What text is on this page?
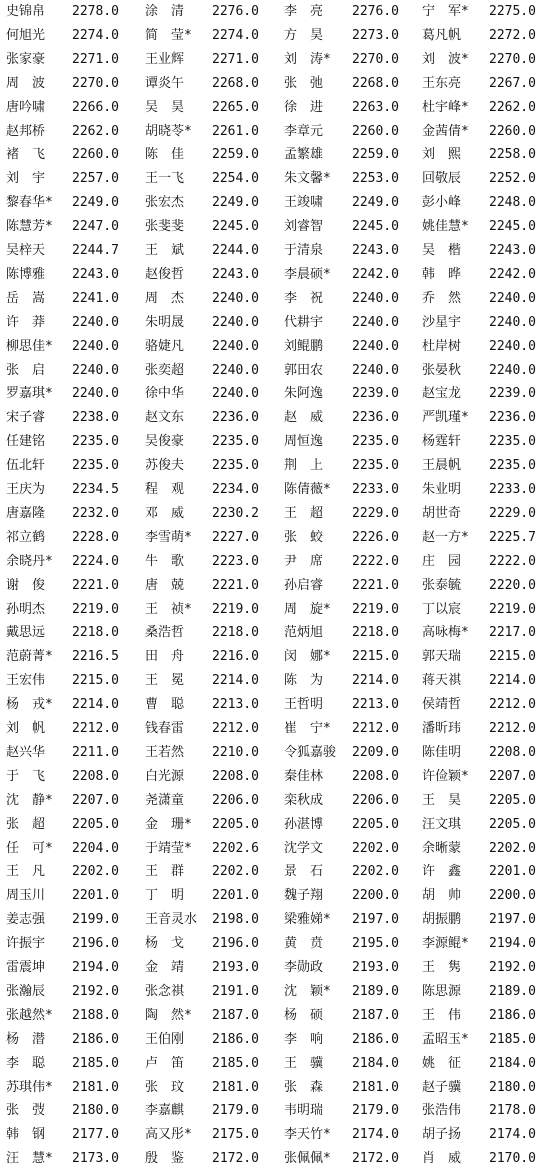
史锦帛 2278.0 涂　清 2276.0 李　亮 2276.0 宁　军* 2275.0
何旭光 2274.0 简　莹* 2274.0 方　昊 2273.0 葛凡帆 2272.0
张家豪 2271.0 王业辉 2271.0 刘　涛* 2270.0 刘　波* 2270.0
周　波 2270.0 谭炎午 2268.0 张　弛 2268.0 王东亮 2267.0
唐吟啸 2266.0 吴　昊 2265.0 徐　进 2263.0 杜宇峰* 2262.0
赵邦桥 2262.0 胡晓苓* 2261.0 李章元 2260.0 金茜倩* 2260.0
褚　飞 2260.0 陈　佳 2259.0 孟繁雄 2259.0 刘　熙 2258.0
刘　宇 2257.0 王一飞 2254.0 朱文馨* 2253.0 回敬辰 2252.0
黎春华* 2249.0 张宏杰 2249.0 王竣啸 2249.0 彭小峰 2248.0
陈慧芳* 2247.0 张斐斐 2245.0 刘睿智 2245.0 姚佳慧* 2245.0
吴梓天 2244.7 王　斌 2244.0 于清泉 2243.0 吴　楷 2243.0
陈博雅 2243.0 赵俊哲 2243.0 李晨硕* 2242.0 韩　晔 2242.0
岳　嵩 2241.0 周　杰 2240.0 李　祝 2240.0 乔　然 2240.0
许　莽 2240.0 朱明晟 2240.0 代耕宇 2240.0 沙星宇 2240.0
柳思佳* 2240.0 骆婕凡 2240.0 刘鲲鹏 2240.0 杜岸树 2240.0
张　启 2240.0 张奕超 2240.0 郭田农 2240.0 张晏秋 2240.0
罗嘉琪* 2240.0 徐中华 2240.0 朱阿逸 2239.0 赵宝龙 2239.0
宋子睿 2238.0 赵文东 2236.0 赵　威 2236.0 严凯瑾* 2236.0
任建铭 2235.0 吴俊豪 2235.0 周恒逸 2235.0 杨霆轩 2235.0
伍北轩 2235.0 苏俊夫 2235.0 荆　上 2235.0 王晨帆 2235.0
王庆为 2234.5 程　观 2234.0 陈倩薇* 2233.0 朱业明 2233.0
唐嘉隆 2232.0 邓　威 2230.2 王　超 2229.0 胡世奇 2229.0
祁立鹤 2228.0 李雪萌* 2227.0 张　蛟 2226.0 赵一方* 2225.7
余晓丹* 2224.0 牛　歌 2223.0 尹　席 2222.0 庄　园 2222.0
谢　俊 2221.0 唐　兢 2221.0 孙启睿 2221.0 张泰毓 2220.0
孙明杰 2219.0 王　祯* 2219.0 周　旋* 2219.0 丁以宸 2219.0
戴思远 2218.0 桑浩哲 2218.0 范炳旭 2218.0 高咏梅* 2217.0
范蔚菁* 2216.5 田　舟 2216.0 闵　娜* 2215.0 郭天瑞 2215.0
王宏伟 2215.0 王　冕 2214.0 陈　为 2214.0 蒋天祺 2214.0
杨　戎* 2214.0 曹　聪 2213.0 王哲明 2213.0 侯靖哲 2212.0
刘　帆 2212.0 钱春雷 2212.0 崔　宁* 2212.0 潘昕玮 2212.0
赵兴华 2211.0 王若然 2210.0 令狐嘉骏 2209.0 陈佳明 2208.0
于　飞 2208.0 白光源 2208.0 秦佳林 2208.0 许俭颖* 2207.0
沈　静* 2207.0 尧潇童 2206.0 栾秋成 2206.0 王　昊 2205.0
张　超 2205.0 金　珊* 2205.0 孙湛博 2205.0 汪文琪 2205.0
任　可* 2204.0 于靖莹* 2202.6 沈学文 2202.0 余晰蒙 2202.0
王　凡 2202.0 王　群 2202.0 景　石 2202.0 许　鑫 2201.0
周玉川 2201.0 丁　明 2201.0 魏子翔 2200.0 胡　帅 2200.0
姜志强 2199.0 王音灵水 2198.0 梁雅娣* 2197.0 胡振鹏 2197.0
许振宇 2196.0 杨　戈 2196.0 黄　贲 2195.0 李源鲲* 2194.0
雷震坤 2194.0 金　靖 2193.0 李勋政 2193.0 王　隽 2192.0
张瀚辰 2192.0 张念祺 2191.0 沈　颖* 2189.0 陈思源 2189.0
张越然* 2188.0 陶　然* 2187.0 杨　硕 2187.0 王　伟 2186.0
杨　潜 2186.0 王伯刚 2186.0 李　响 2186.0 孟昭玉* 2185.0
李　聪 2185.0 卢　笛 2185.0 王　骥 2184.0 姚　征 2184.0
苏琪伟* 2181.0 张　玟 2181.0 张　森 2181.0 赵子骥 2180.0
张　弢 2180.0 李嘉麒 2179.0 韦明瑞 2179.0 张浩伟 2178.0
韩　钢 2177.0 高又彤* 2175.0 李天竹* 2174.0 胡子扬 2174.0
汪　慧* 2173.0 殷　鉴 2172.0 张佩佩* 2172.0 肖　威 2170.0
